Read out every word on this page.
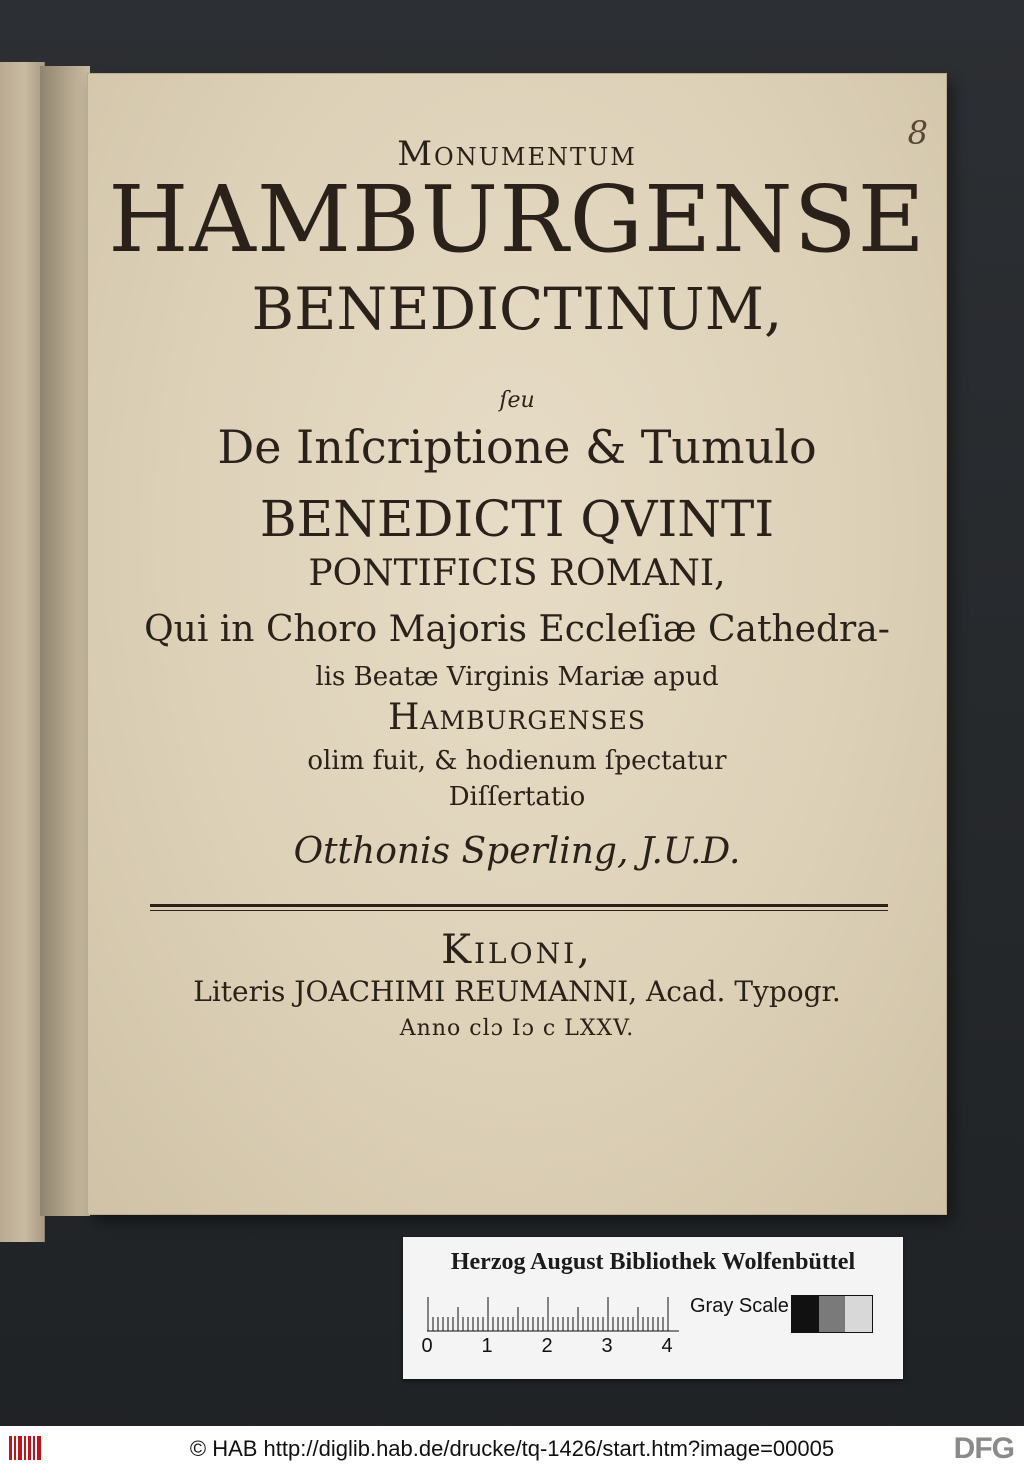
8
Monumentum
HAMBURGENSE
BENEDICTINUM,
ſeu
De Inſcriptione & Tumulo
BENEDICTI QVINTI
PONTIFICIS ROMANI,
Qui in Choro Majoris Eccleſiæ Cathedra-
lis Beatæ Virginis Mariæ apud
Hamburgenses
olim fuit, & hodienum ſpectatur
Diſſertatio
Otthonis Sperling, J.U.D.
Kiloni,
Literis JOACHIMI REUMANNI, Acad. Typogr.
Anno clɔ Iɔ c LXXV.
Herzog August Bibliothek Wolfenbüttel
0 1 2 3 4
Gray Scale
© HAB http://diglib.hab.de/drucke/tq-1426/start.htm?image=00005	DFG
